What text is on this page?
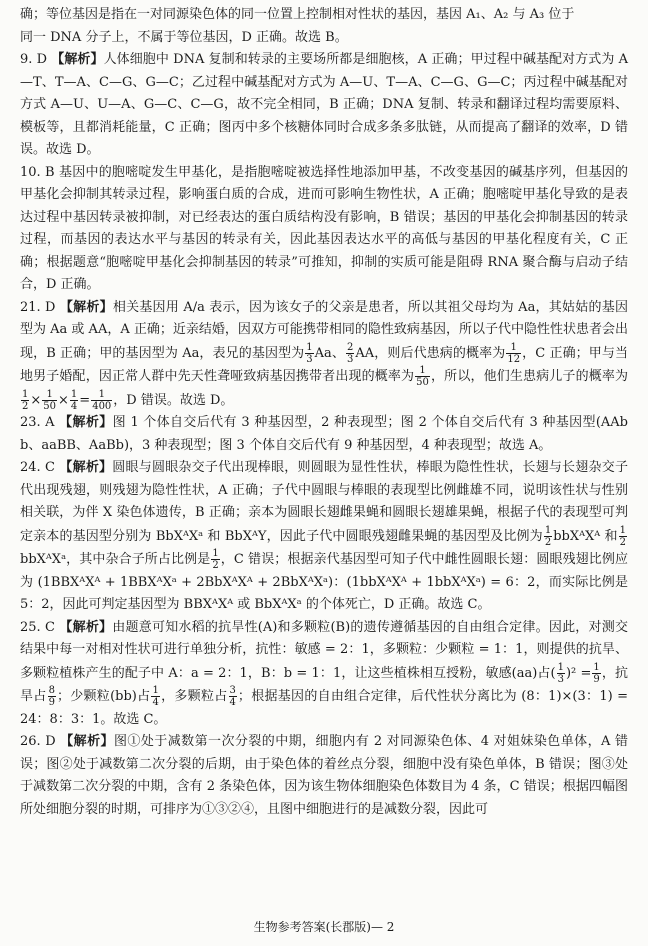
确；等位基因是指在一对同源染色体的同一位置上控制相对性状的基因，基因 A₁、A₂ 与 A₃ 位于

同一 DNA 分子上，不属于等位基因，D 正确。故选 B。

9. D 【解析】人体细胞中 DNA 复制和转录的主要场所都是细胞核，A 正确；甲过程中碱基配对方式为 A—T、T—A、C—G、G—C；乙过程中碱基配对方式为 A—U、T—A、C—G、G—C；丙过程中碱基配对方式 A—U、U—A、G—C、C—G，故不完全相同，B 正确；DNA 复制、转录和翻译过程均需要原料、模板等，且都消耗能量，C 正确；图丙中多个核糖体同时合成多条多肽链，从而提高了翻译的效率，D 错误。故选 D。
10. B 基因中的胞嘧啶发生甲基化，是指胞嘧啶被选择性地添加甲基，不改变基因的碱基序列，但基因的甲基化会抑制其转录过程，影响蛋白质的合成，进而可影响生物性状，A 正确；胞嘧啶甲基化导致的是表达过程中基因转录被抑制，对已经表达的蛋白质结构没有影响，B 错误；基因的甲基化会抑制基因的转录过程，而基因的表达水平与基因的转录有关，因此基因表达水平的高低与基因的甲基化程度有关，C 正确；根据题意“胞嘧啶甲基化会抑制基因的转录”可推知，抑制的实质可能是阻碍 RNA 聚合酶与启动子结合，D 正确。
21. D 【解析】相关基因用 A/a 表示，因为该女子的父亲是患者，所以其祖父母均为 Aa，其姑姑的基因型为 Aa 或 AA，A 正确；近亲结婚，因双方可能携带相同的隐性致病基因，所以子代中隐性性状患者会出现，B 正确；甲的基因型为 Aa，表兄的基因型为 $\frac{1}{3}$ Aa、 $\frac{2}{3}$ AA，则后代患病的概率为 $\frac{1}{12}$ ，C 正确；甲与当地男子婚配，因正常人群中先天性聋哑致病基因携带者出现的概率为 $\frac{1}{50}$ ，所以，他们生患病儿子的概率为
$\frac{1}{2} \times \frac{1}{50} \times \frac{1}{4} = \frac{1}{400}$ ，D 错误。故选 D。
23. A 【解析】图 1 个体自交后代有 3 种基因型，2 种表现型；图 2 个体自交后代有 3 种基因型(AAbb、aaBB、AaBb)，3 种表现型；图 3 个体自交后代有 9 种基因型，4 种表现型；故选 A。
24. C 【解析】圆眼与圆眼杂交子代出现棒眼，则圆眼为显性性状，棒眼为隐性性状，长翅与长翅杂交子代出现残翅，则残翅为隐性性状，A 正确；子代中圆眼与棒眼的表现型比例雌雄不同，说明该性状与性别相关联，为伴 X 染色体遗传，B 正确；亲本为圆眼长翅雌果蝇和圆眼长翅雄果蝇，根据子代的表现型可判定亲本的基因型分别为 BbXᴬXᵃ 和 BbXᴬY，因此子代中圆眼残翅雌果蝇的基因型及比例为 $\frac{1}{2}$ bbXᴬXᴬ 和 $\frac{1}{2}$
bbXᴬXᵃ，其中杂合子所占比例是 $\frac{1}{2}$ ，C 错误；根据亲代基因型可知子代中雌性圆眼长翅：圆眼残翅比例应为 (1BBXᴬXᴬ + 1BBXᴬXᵃ + 2BbXᴬXᴬ + 2BbXᴬXᵃ)：(1bbXᴬXᴬ + 1bbXᴬXᵃ) = 6：2，而实际比例是 5：2，因此可判定基因型为 BBXᴬXᴬ 或 BbXᴬXᵃ 的个体死亡，D 正确。故选 C。
25. C 【解析】由题意可知水稻的抗旱性(A)和多颗粒(B)的遗传遵循基因的自由组合定律。因此，对测交结果中每一对相对性状可进行单独分析，抗性：敏感 = 2：1，多颗粒：少颗粒 = 1：1，则提供的抗旱、多颗粒植株产生的配子中 A：a = 2：1，B：b = 1：1，让这些植株相互授粉，敏感(aa)占( $\frac{1}{3} )^2 = \frac{1}{9}$ ，抗旱占 $\frac{8}{9}$ ；少颗粒(bb)占 $\frac{1}{4}$ ，多颗粒占 $\frac{3}{4}$ ；根据基因的自由组合定律，后代性状分离比为 (8：1)×(3：1) = 24：8：3：1。故选 C。
26. D 【解析】图①处于减数第一次分裂的中期，细胞内有 2 对同源染色体、4 对姐妹染色单体，A 错误；图②处于减数第二次分裂的后期，由于染色体的着丝点分裂，细胞中没有染色单体，B 错误；图③处于减数第二次分裂的中期，含有 2 条染色体，因为该生物体细胞染色体数目为 4 条，C 错误；根据四幅图所处细胞分裂的时期，可排序为①③②④，且图中细胞进行的是减数分裂，因此可
生物参考答案(长郡版)— 2
